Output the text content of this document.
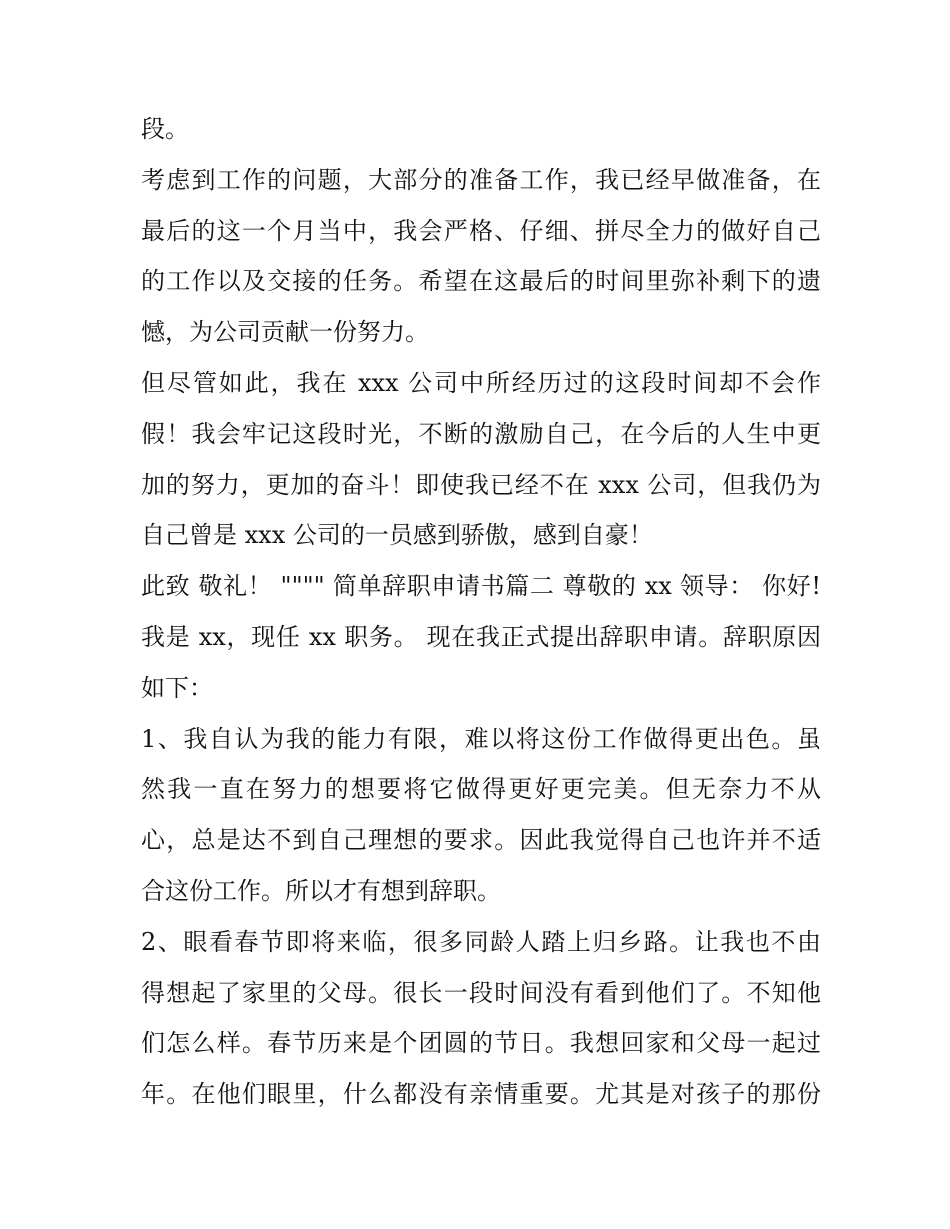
段。
考虑到工作的问题，大部分的准备工作，我已经早做准备，在
最后的这一个月当中，我会严格、仔细、拼尽全力的做好自己
的工作以及交接的任务。希望在这最后的时间里弥补剩下的遗
憾，为公司贡献一份努力。
但尽管如此，我在 xxx 公司中所经历过的这段时间却不会作
假！我会牢记这段时光，不断的激励自己，在今后的人生中更
加的努力，更加的奋斗！即使我已经不在 xxx 公司，但我仍为
自己曾是 xxx 公司的一员感到骄傲，感到自豪！
此致 敬礼！ """" 简单辞职申请书篇二 尊敬的 xx 领导： 你好!
我是 xx，现任 xx 职务。 现在我正式提出辞职申请。辞职原因
如下：
1、我自认为我的能力有限，难以将这份工作做得更出色。虽
然我一直在努力的想要将它做得更好更完美。但无奈力不从
心，总是达不到自己理想的要求。因此我觉得自己也许并不适
合这份工作。所以才有想到辞职。
2、眼看春节即将来临，很多同龄人踏上归乡路。让我也不由
得想起了家里的父母。很长一段时间没有看到他们了。不知他
们怎么样。春节历来是个团圆的节日。我想回家和父母一起过
年。在他们眼里，什么都没有亲情重要。尤其是对孩子的那份
